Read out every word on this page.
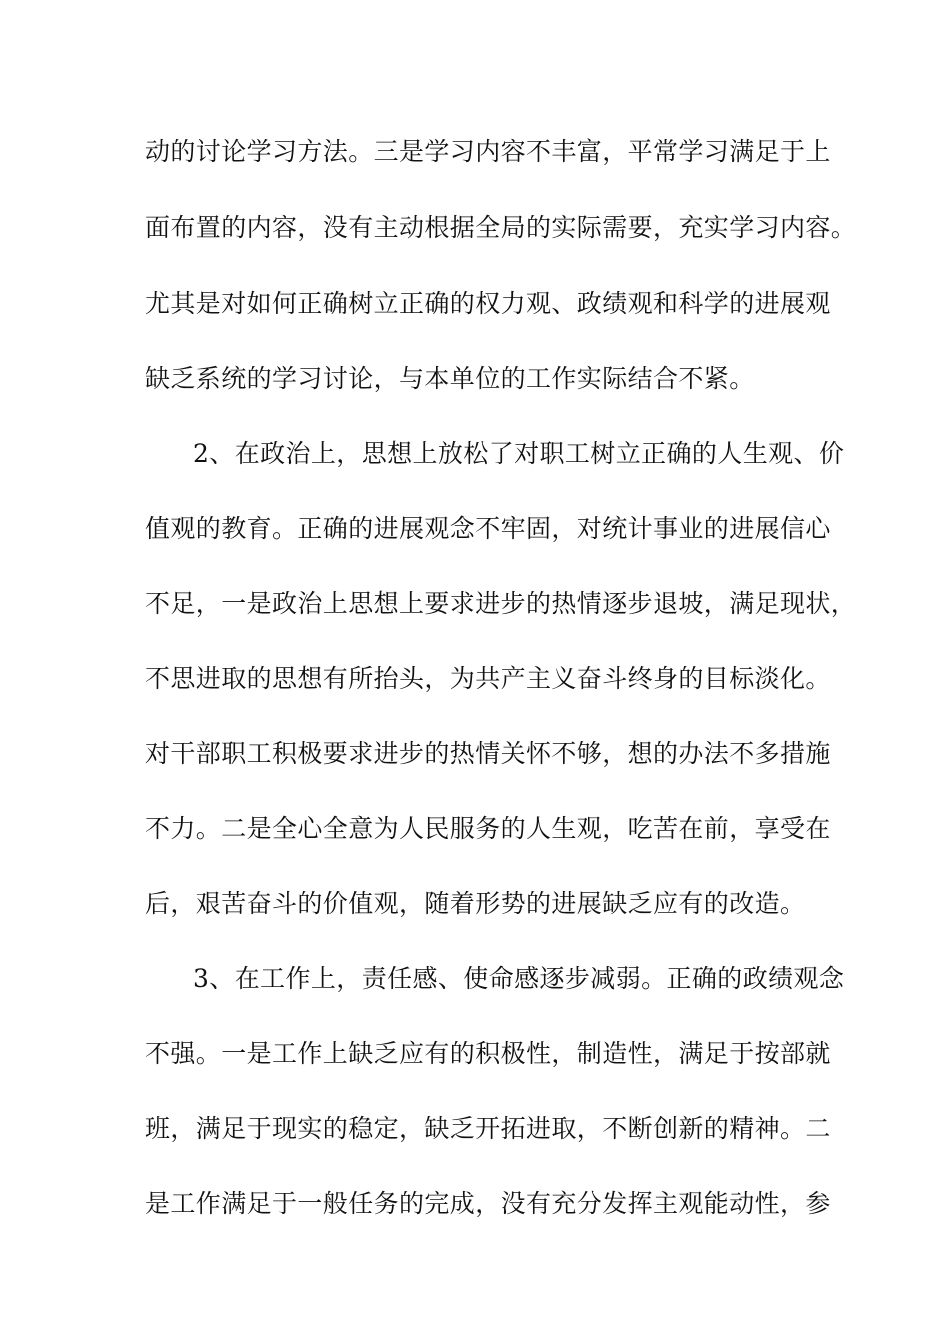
动的讨论学习方法。三是学习内容不丰富，平常学习满足于上
面布置的内容，没有主动根据全局的实际需要，充实学习内容。
尤其是对如何正确树立正确的权力观、政绩观和科学的进展观
缺乏系统的学习讨论，与本单位的工作实际结合不紧。
2、在政治上，思想上放松了对职工树立正确的人生观、价
值观的教育。正确的进展观念不牢固，对统计事业的进展信心
不足，一是政治上思想上要求进步的热情逐步退坡，满足现状，
不思进取的思想有所抬头，为共产主义奋斗终身的目标淡化。
对干部职工积极要求进步的热情关怀不够，想的办法不多措施
不力。二是全心全意为人民服务的人生观，吃苦在前，享受在
后，艰苦奋斗的价值观，随着形势的进展缺乏应有的改造。
3、在工作上，责任感、使命感逐步减弱。正确的政绩观念
不强。一是工作上缺乏应有的积极性，制造性，满足于按部就
班，满足于现实的稳定，缺乏开拓进取，不断创新的精神。二
是工作满足于一般任务的完成，没有充分发挥主观能动性，参
